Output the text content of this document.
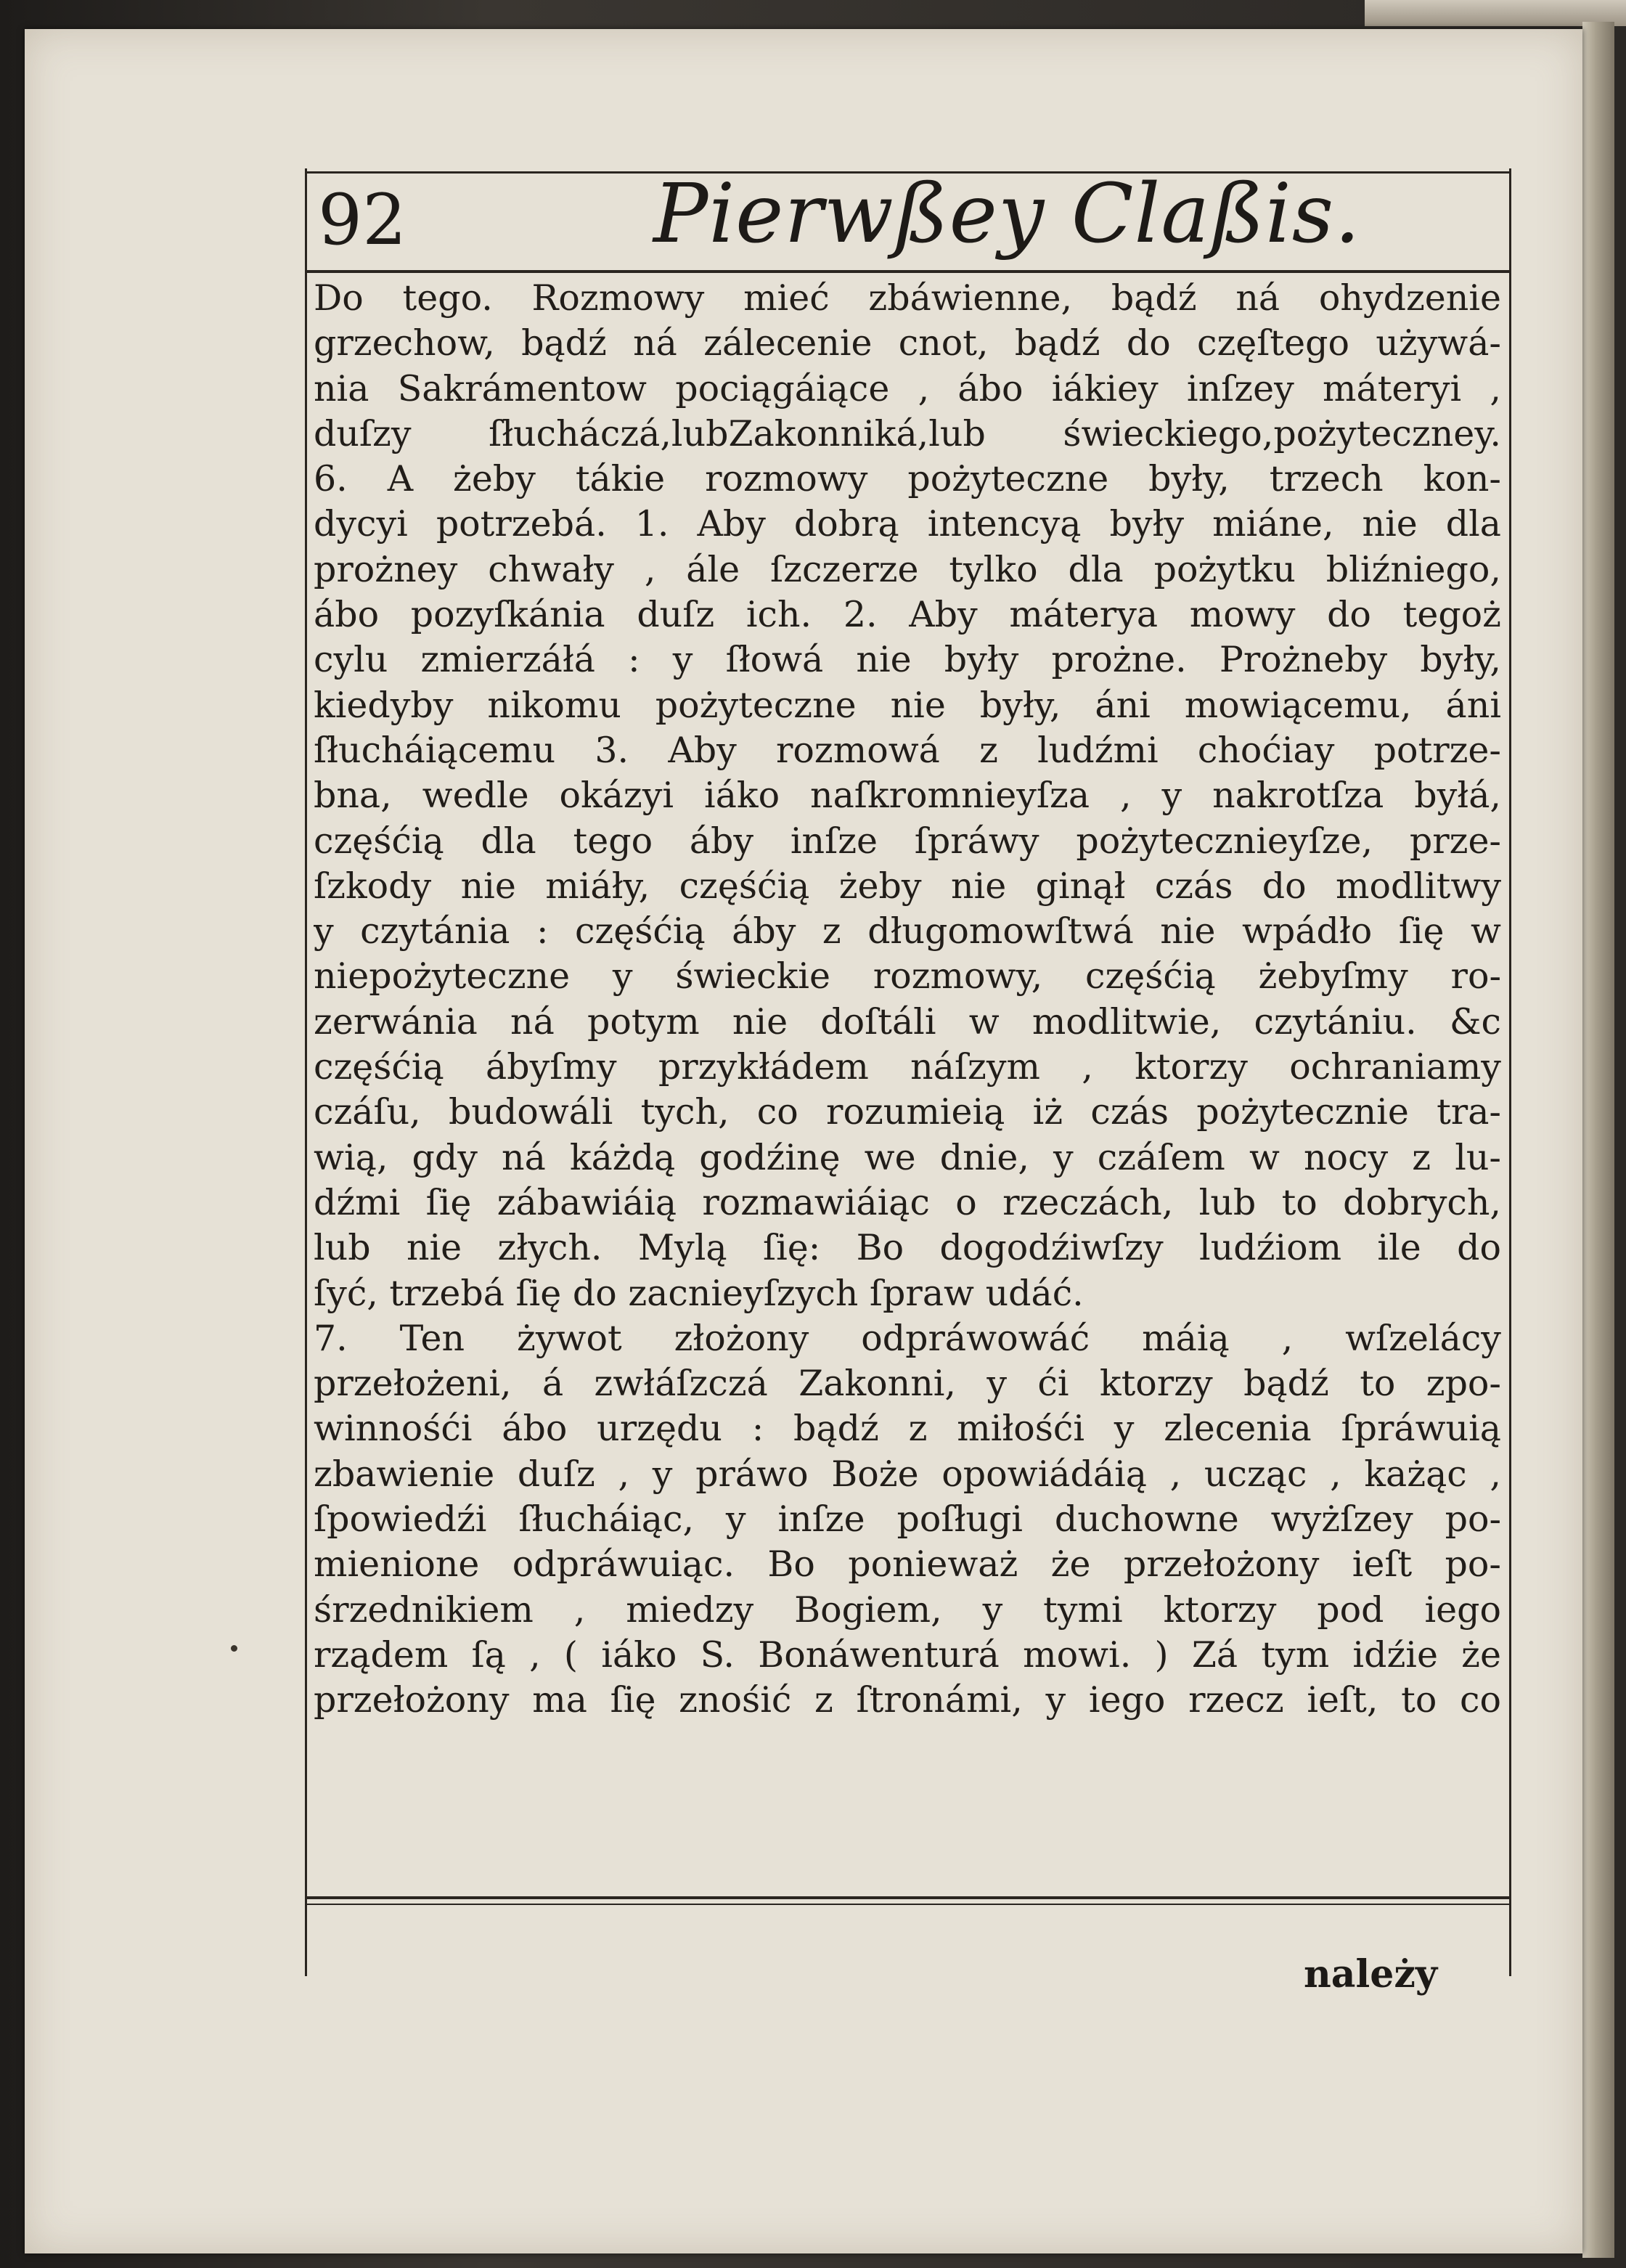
92	Pierwßey Claßis.
Do tego. Rozmowy mieć zbáwienne, bądź ná ohydzenie
grzechow, bądź ná zálecenie cnot, bądź do częſtego używá-
nia Sakrámentow pociągáiące , ábo iákiey inſzey máteryi ,
duſzy ſłucháczá,lubZakonniká,lub świeckiego,pożyteczney.
6. A żeby tákie rozmowy pożyteczne były, trzech kon-
dycyi potrzebá. 1. Aby dobrą intencyą były miáne, nie dla
prożney chwały , ále ſzczerze tylko dla pożytku bliźniego,
ábo pozyſkánia duſz ich. 2. Aby máterya mowy do tegoż
cylu zmierzáłá : y ſłowá nie były prożne. Prożneby były,
kiedyby nikomu pożyteczne nie były, áni mowiącemu, áni
ſłucháiącemu 3. Aby rozmowá z ludźmi choćiay potrze-
bna, wedle okázyi iáko naſkromnieyſza , y nakrotſza byłá,
częśćią dla tego áby inſze ſpráwy pożytecznieyſze, prze-
ſzkody nie miáły, częśćią żeby nie ginął czás do modlitwy
y czytánia : częśćią áby z długomowſtwá nie wpádło ſię w
niepożyteczne y świeckie rozmowy, częśćią żebyſmy ro-
zerwánia ná potym nie doſtáli w modlitwie, czytániu. &c
częśćią ábyſmy przykłádem náſzym , ktorzy ochraniamy
czáſu, budowáli tych, co rozumieią iż czás pożytecznie tra-
wią, gdy ná káżdą godźinę we dnie, y czáſem w nocy z lu-
dźmi ſię zábawiáią rozmawiáiąc o rzeczách, lub to dobrych,
lub nie złych. Mylą ſię: Bo dogodźiwſzy ludźiom ile do
ſyć, trzebá ſię do zacnieyſzych ſpraw udáć.
7. Ten żywot złożony odpráwowáć máią , wſzelácy
przełożeni, á zwłáſzczá Zakonni, y ći ktorzy bądź to zpo-
winnośći ábo urzędu : bądź z miłośći y zlecenia ſpráwuią
zbawienie duſz , y práwo Boże opowiádáią , ucząc , każąc ,
ſpowiedźi ſłucháiąc, y inſze poſługi duchowne wyżſzey po-
mienione odpráwuiąc. Bo ponieważ że przełożony ieſt po-
śrzednikiem , miedzy Bogiem, y tymi ktorzy pod iego
rządem ſą , ( iáko S. Bonáwenturá mowi. ) Zá tym idźie że
przełożony ma ſię znośić z ſtronámi, y iego rzecz ieſt, to co
należy
